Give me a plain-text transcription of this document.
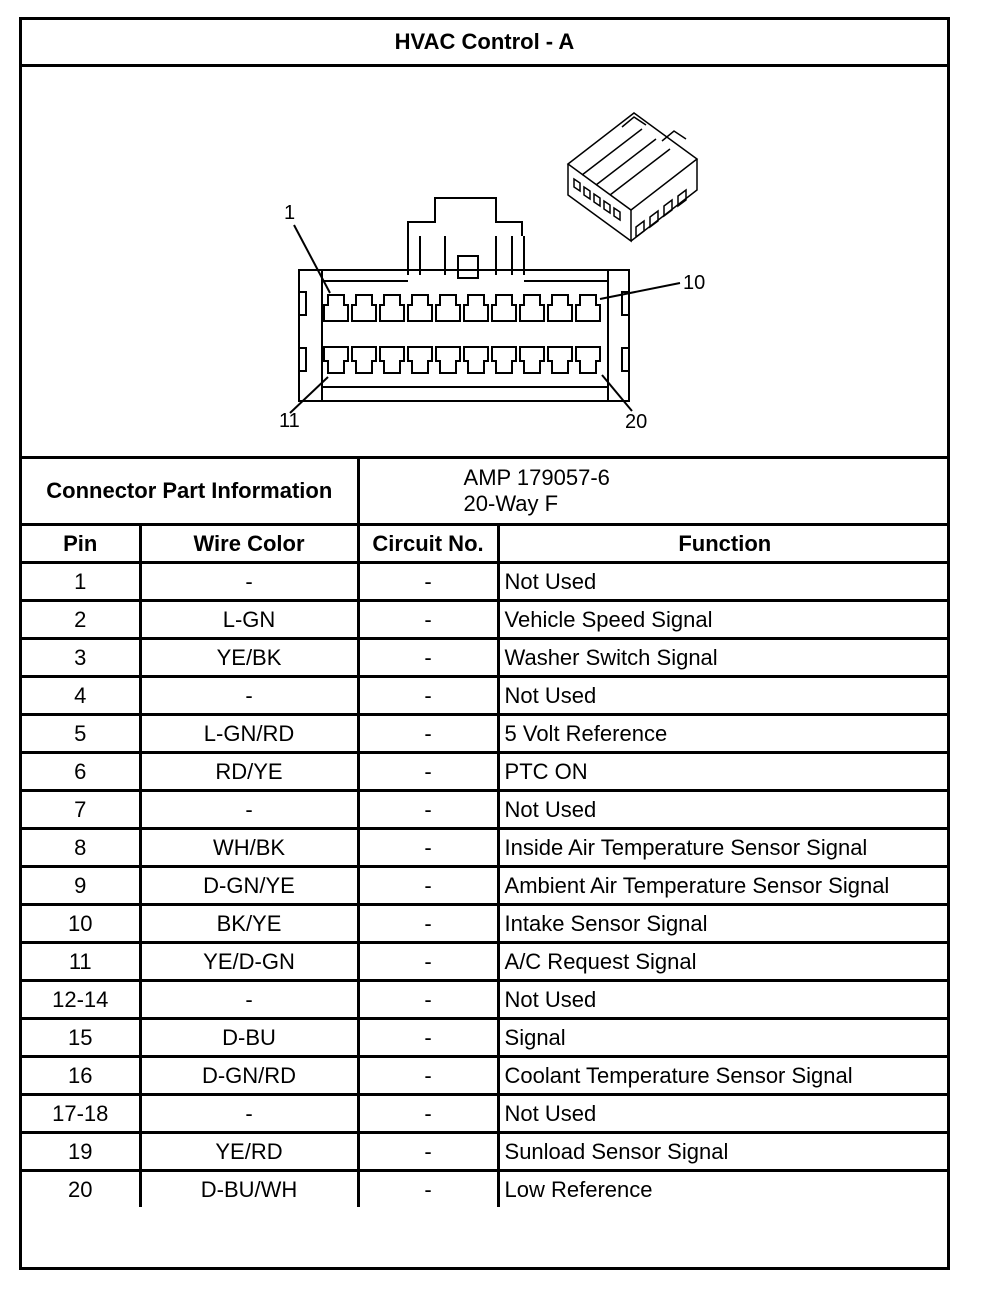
HVAC Control - A
1
10
11	20
Connector Part Information		AMP 179057-6
20-Way F	

Pin	Wire Color	Circuit No.	Function
1	-	-	Not Used
2	L-GN	-	Vehicle Speed Signal
3	YE/BK	-	Washer Switch Signal
4	-	-	Not Used
5	L-GN/RD	-	5 Volt Reference
6	RD/YE	-	PTC ON
7	-	-	Not Used
8	WH/BK	-	Inside Air Temperature Sensor Signal
9	D-GN/YE	-	Ambient Air Temperature Sensor Signal
10	BK/YE	-	Intake Sensor Signal
11	YE/D-GN	-	A/C Request Signal
12-14	-	-	Not Used
15	D-BU	-	Signal
16	D-GN/RD	-	Coolant Temperature Sensor Signal
17-18	-	-	Not Used
19	YE/RD	-	Sunload Sensor Signal
20	D-BU/WH	-	Low Reference
